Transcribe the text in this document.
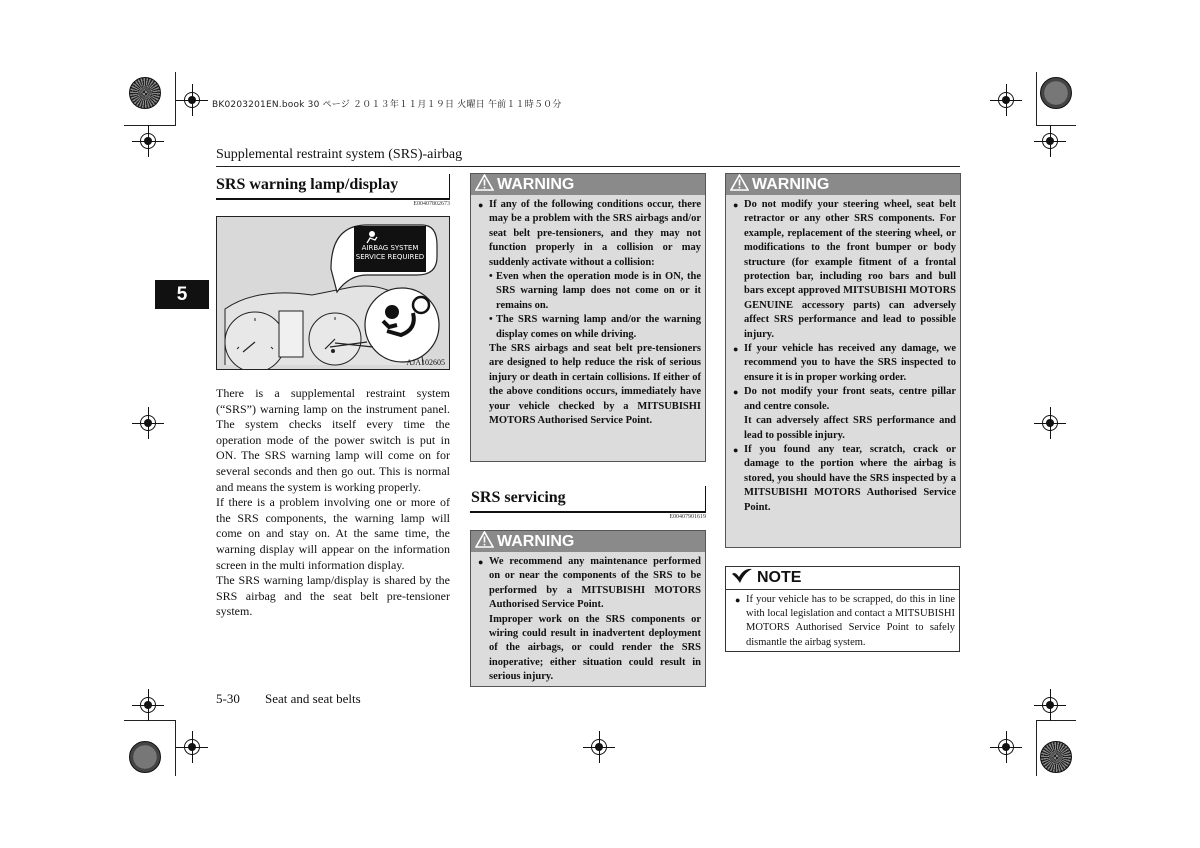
BK0203201EN.book 30 ページ ２０１３年１１月１９日 火曜日 午前１１時５０分
Supplemental restraint system (SRS)-airbag
5
SRS warning lamp/display
E00407802673
AIRBAG SYSTEM
SERVICE REQUIRED
AJA102605

There is a supplemental restraint system (“SRS”) warning lamp on the instrument panel. The system checks itself every time the operation mode of the power switch is put in ON. The SRS warning lamp will come on for several seconds and then go out. This is normal and means the system is working properly.

If there is a problem involving one or more of the SRS components, the warning lamp will come on and stay on. At the same time, the warning display will appear on the information screen in the multi information display.

The SRS warning lamp/display is shared by the SRS airbag and the seat belt pre-tensioner system.

WARNING

● If any of the following conditions occur, there may be a problem with the SRS airbags and/or seat belt pre-tensioners, and they may not function properly in a collision or may suddenly activate without a collision:

• Even when the operation mode is in ON, the SRS warning lamp does not come on or it remains on.

• The SRS warning lamp and/or the warning display comes on while driving.

The SRS airbags and seat belt pre-tensioners are designed to help reduce the risk of serious injury or death in certain collisions. If either of the above conditions occurs, immediately have your vehicle checked by a MITSUBISHI MOTORS Authorised Service Point.

SRS servicing
E00407901619
WARNING

● We recommend any maintenance performed on or near the components of the SRS to be performed by a MITSUBISHI MOTORS Authorised Service Point.

Improper work on the SRS components or wiring could result in inadvertent deployment of the airbags, or could render the SRS inoperative; either situation could result in serious injury.

WARNING

● Do not modify your steering wheel, seat belt retractor or any other SRS components. For example, replacement of the steering wheel, or modifications to the front bumper or body structure (for example fitment of a frontal protection bar, including roo bars and bull bars except approved MITSUBISHI MOTORS GENUINE accessory parts) can adversely affect SRS performance and lead to possible injury.

● If your vehicle has received any damage, we recommend you to have the SRS inspected to ensure it is in proper working order.

● Do not modify your front seats, centre pillar and centre console.

It can adversely affect SRS performance and lead to possible injury.

● If you found any tear, scratch, crack or damage to the portion where the airbag is stored, you should have the SRS inspected by a MITSUBISHI MOTORS Authorised Service Point.

NOTE

● If your vehicle has to be scrapped, do this in line with local legislation and contact a MITSUBISHI MOTORS Authorised Service Point to safely dismantle the airbag system.

5-30 Seat and seat belts
